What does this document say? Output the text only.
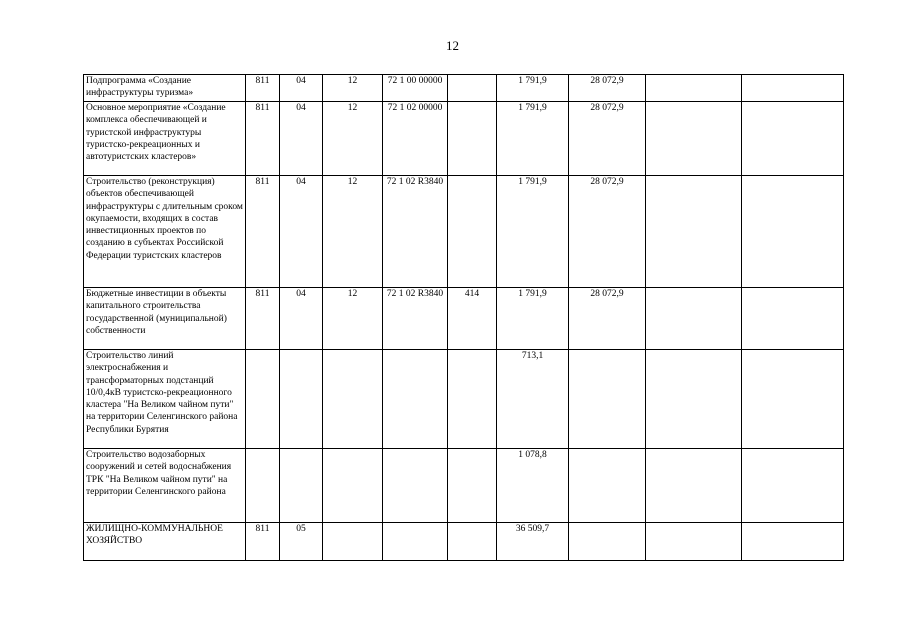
12
Подпрограмма «Создание инфраструктуры туризма»	811	04	12	72 1 00 00000		1 791,9	28 072,9		
Основное мероприятие «Создание комплекса обеспечивающей и туристской инфраструктуры туристско-рекреационных и автотуристских кластеров»	811	04	12	72 1 02 00000		1 791,9	28 072,9		
Строительство (реконструкция) объектов обеспечивающей инфраструктуры с длительным сроком окупаемости, входящих в состав инвестиционных проектов по созданию в субъектах Российской Федерации туристских кластеров	811	04	12	72 1 02 R3840		1 791,9	28 072,9		
Бюджетные инвестиции в объекты капитального строительства государственной (муниципальной) собственности	811	04	12	72 1 02 R3840	414	1 791,9	28 072,9		
Строительство линий электроснабжения и трансформаторных подстанций 10/0,4кВ туристско-рекреационного кластера "На Великом чайном пути" на территории Селенгинского района Республики Бурятия						713,1			
Строительство водозаборных сооружений и сетей водоснабжения ТРК "На Великом чайном пути" на территории Селенгинского района						1 078,8			
ЖИЛИЩНО-КОММУНАЛЬНОЕ ХОЗЯЙСТВО	811	05				36 509,7			
